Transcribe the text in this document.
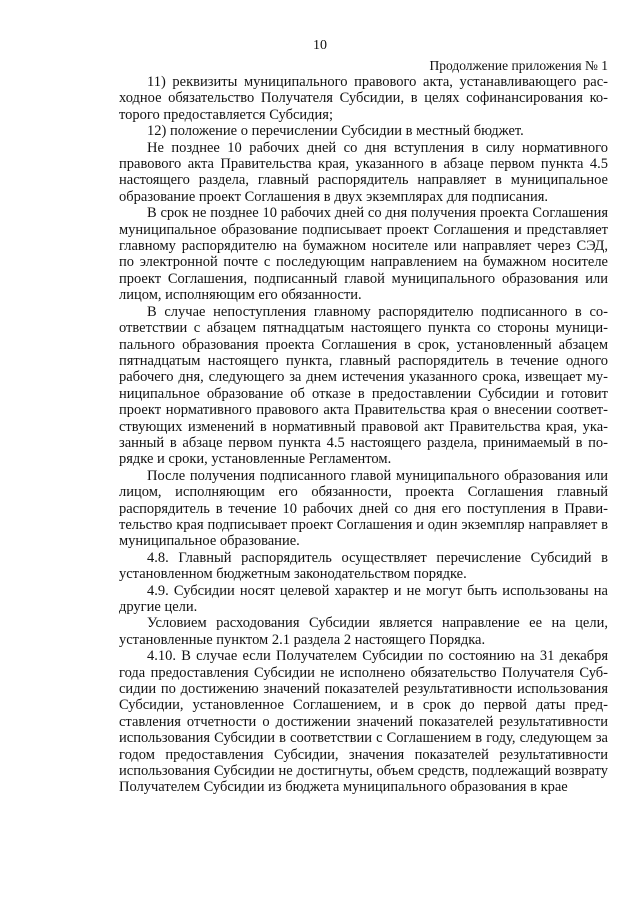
10
Продолжение приложения № 1

11) реквизиты муниципального правового акта, устанавливающего расходное обязательство Получателя Субсидии, в целях софинансирования которого предоставляется Субсидия;

12) положение о перечислении Субсидии в местный бюджет.

Не позднее 10 рабочих дней со дня вступления в силу нормативного правового акта Правительства края, указанного в абзаце первом пункта 4.5 настоящего раздела, главный распорядитель направляет в муниципальное образование проект Соглашения в двух экземплярах для подписания.

В срок не позднее 10 рабочих дней со дня получения проекта Соглашения муниципальное образование подписывает проект Соглашения и представляет главному распорядителю на бумажном носителе или направляет через СЭД, по электронной почте с последующим направлением на бумажном носителе проект Соглашения, подписанный главой муниципального образования или лицом, исполняющим его обязанности.

В случае непоступления главному распорядителю подписанного в соответствии с абзацем пятнадцатым настоящего пункта со стороны муниципального образования проекта Соглашения в срок, установленный абзацем пятнадцатым настоящего пункта, главный распорядитель в течение одного рабочего дня, следующего за днем истечения указанного срока, извещает муниципальное образование об отказе в предоставлении Субсидии и готовит проект нормативного правового акта Правительства края о внесении соответствующих изменений в нормативный правовой акт Правительства края, указанный в абзаце первом пункта 4.5 настоящего раздела, принимаемый в порядке и сроки, установленные Регламентом.

После получения подписанного главой муниципального образования или лицом, исполняющим его обязанности, проекта Соглашения главный распорядитель в течение 10 рабочих дней со дня его поступления в Правительство края подписывает проект Соглашения и один экземпляр направляет в муниципальное образование.

4.8. Главный распорядитель осуществляет перечисление Субсидий в установленном бюджетным законодательством порядке.

4.9. Субсидии носят целевой характер и не могут быть использованы на другие цели.

Условием расходования Субсидии является направление ее на цели, установленные пунктом 2.1 раздела 2 настоящего Порядка.

4.10. В случае если Получателем Субсидии по состоянию на 31 декабря года предоставления Субсидии не исполнено обязательство Получателя Субсидии по достижению значений показателей результативности использования Субсидии, установленное Соглашением, и в срок до первой даты представления отчетности о достижении значений показателей результативности использования Субсидии в соответствии с Соглашением в году, следующем за годом предоставления Субсидии, значения показателей результативности использования Субсидии не достигнуты, объем средств, подлежащий возврату Получателем Субсидии из бюджета муниципального образования в крае
